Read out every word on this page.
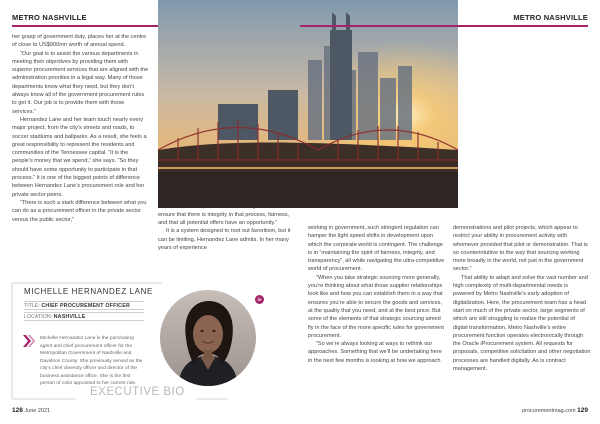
METRO NASHVILLE

her grasp of government duty, places her at the centre of close to US$900mn worth of annual spend.

“Our goal is to assist the various departments in meeting their objectives by providing them with superior procurement services that are aligned with the administration priorities in a legal way. Many of those departments know what they need, but they don’t always know all of the government procurement rules to get it. Our job is to provide them with those services.”

Hernandez Lane and her team touch nearly every major project, from the city’s streets and roads, to soccer stadiums and ballparks. As a result, she feels a great responsibility to represent the residents and communities of the Tennessee capital. “It is the people’s money that we spend,” she says. “So they should have some opportunity to participate in that process.” It is one of the biggest points of difference between Hernandez Lane’s procurement role and her private sector peers.

“There is such a stark difference between what you can do as a procurement officer in the private sector versus the public sector,”

ensure that there is integrity in that process, fairness, and that all potential offers have an opportunity.”

It is a system designed to root out favoritism, but it can be limiting, Hernandez Lane admits. In her many years of experience

MICHELLE HERNANDEZ LANE
TITLE: CHIEF PROCUREMENT OFFICER
LOCATION: NASHVILLE
Michelle Hernandez Lane is the purchasing agent and chief procurement officer for the Metropolitan Government of Nashville and Davidson County. She previously served as the city’s chief diversity officer and director of the business assistance office. She is the first person of color appointed to her current role.
EXECUTIVE BIO
in
128 June 2021
METRO NASHVILLE

working in government, such stringent regulation can hamper the light speed shifts in development upon which the corporate world is contingent. The challenge is in “maintaining the spirit of fairness, integrity, and transparency”, all while navigating the ultra-competitive world of procurement.

“When you take strategic sourcing more generally, you’re thinking about what those supplier relationships look like and how you can establish them in a way that ensures you’re able to secure the goods and services, at the quality that you need, and at the best price. But some of the elements of that strategic sourcing aimed fly in the face of the more specific rules for government procurement.

“So we’re always looking at ways to rethink our approaches. Something that we’ll be undertaking here in the next few months is looking at how we approach

demonstrations and pilot projects, which appear to restrict your ability in procurement activity with whomever provided that pilot or demonstration. That is so counterintuitive to the way that sourcing working more broadly in the world, not just in the government sector.”

That ability to adapt and solve the vast number and high complexity of multi-departmental needs is powered by Metro Nashville’s early adoption of digitalization. Here, the procurement team has a head start on much of the private sector, large segments of which are still struggling to realize the potential of digital transformation. Metro Nashville’s entire procurement function operates electronically through the Oracle iProcurement system. All requests for proposals, competitive solicitation and other negotiation processes are handled digitally. As is contract management.

procurementmag.com 129
